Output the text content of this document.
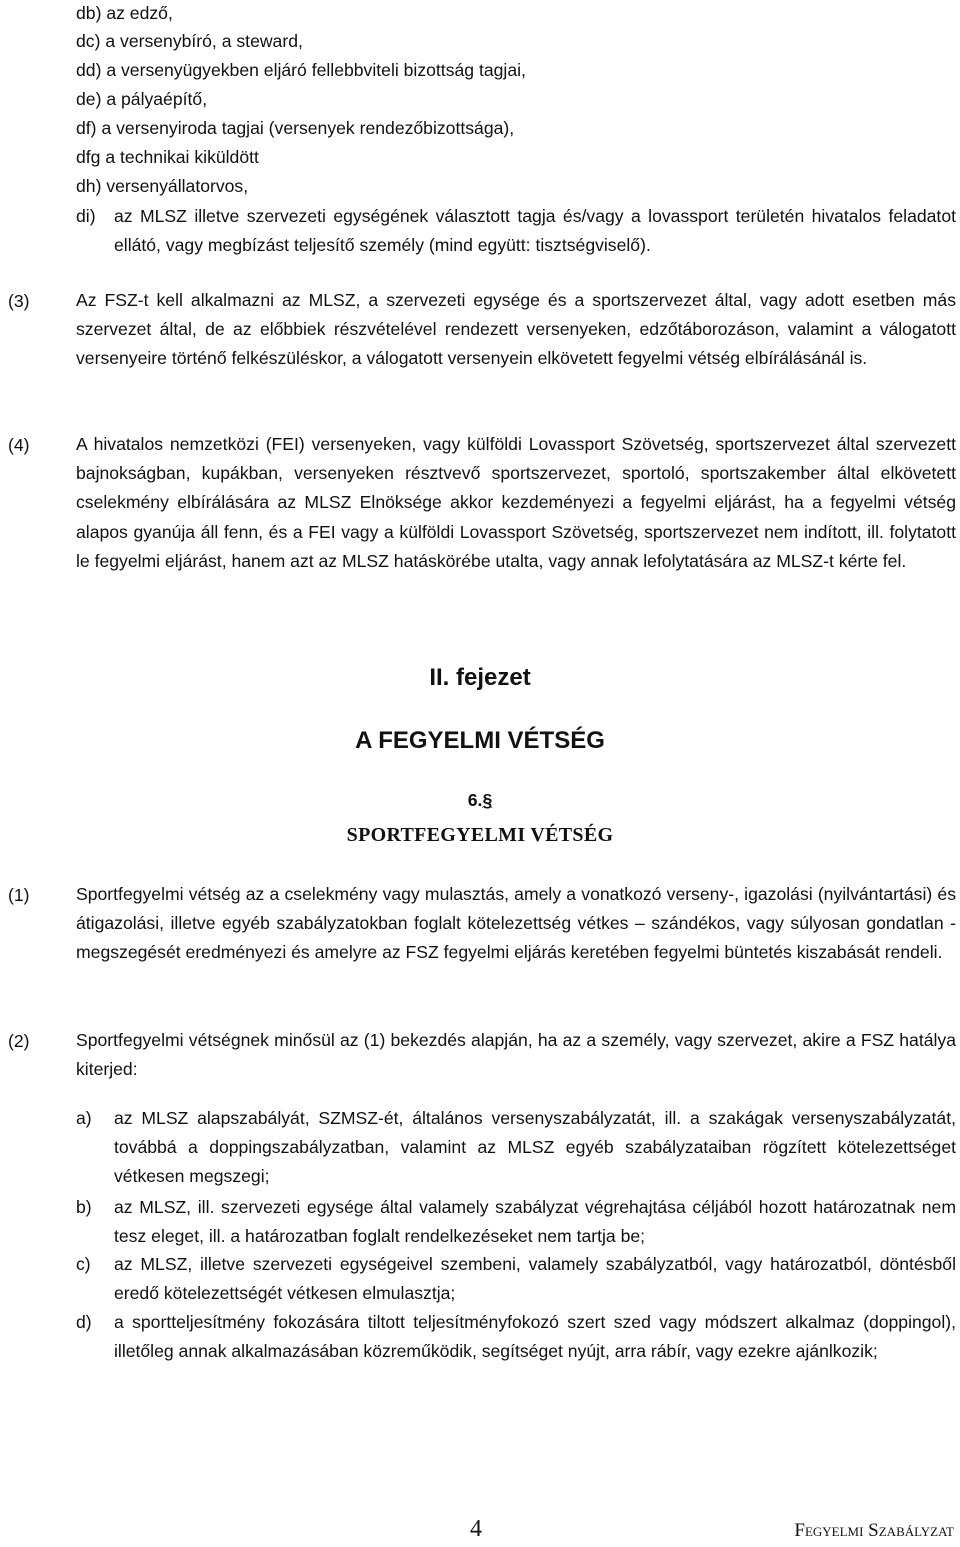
db) az edző,
dc) a versenybíró, a steward,
dd) a versenyügyekben eljáró fellebbviteli bizottság tagjai,
de) a pályaépítő,
df) a versenyiroda tagjai (versenyek rendezőbizottsága),
dfg a technikai kiküldött
dh) versenyállatorvos,
di) az MLSZ illetve szervezeti egységének választott tagja és/vagy a lovassport területén hivatalos feladatot ellátó, vagy megbízást teljesítő személy (mind együtt: tisztségviselő).
(3)	Az FSZ-t kell alkalmazni az MLSZ, a szervezeti egysége és a sportszervezet által, vagy adott esetben más szervezet által, de az előbbiek részvételével rendezett versenyeken, edzőtáborozáson, valamint a válogatott versenyeire történő felkészüléskor, a válogatott versenyein elkövetett fegyelmi vétség elbírálásánál is.
(4)	A hivatalos nemzetközi (FEI) versenyeken, vagy külföldi Lovassport Szövetség, sportszervezet által szervezett bajnokságban, kupákban, versenyeken résztvevő sportszervezet, sportoló, sportszakember által elkövetett cselekmény elbírálására az MLSZ Elnöksége akkor kezdeményezi a fegyelmi eljárást, ha a fegyelmi vétség alapos gyanúja áll fenn, és a FEI vagy a külföldi Lovassport Szövetség, sportszervezet nem indított, ill. folytatott le fegyelmi eljárást, hanem azt az MLSZ hatáskörébe utalta, vagy annak lefolytatására az MLSZ-t kérte fel.
II. fejezet
A FEGYELMI VÉTSÉG
6.§
SPORTFEGYELMI VÉTSÉG
(1)	Sportfegyelmi vétség az a cselekmény vagy mulasztás, amely a vonatkozó verseny-, igazolási (nyilvántartási) és átigazolási, illetve egyéb szabályzatokban foglalt kötelezettség vétkes – szándékos, vagy súlyosan gondatlan - megszegését eredményezi és amelyre az FSZ fegyelmi eljárás keretében fegyelmi büntetés kiszabását rendeli.
(2)	Sportfegyelmi vétségnek minősül az (1) bekezdés alapján, ha az a személy, vagy szervezet, akire a FSZ hatálya kiterjed:
a) az MLSZ alapszabályát, SZMSZ-ét, általános versenyszabályzatát, ill. a szakágak versenyszabályzatát, továbbá a doppingszabályzatban, valamint az MLSZ egyéb szabályzataiban rögzített kötelezettséget vétkesen megszegi;
b) az MLSZ, ill. szervezeti egysége által valamely szabályzat végrehajtása céljából hozott határozatnak nem tesz eleget, ill. a határozatban foglalt rendelkezéseket nem tartja be;
c) az MLSZ, illetve szervezeti egységeivel szembeni, valamely szabályzatból, vagy határozatból, döntésből eredő kötelezettségét vétkesen elmulasztja;
d) a sportteljesítmény fokozására tiltott teljesítményfokozó szert szed vagy módszert alkalmaz (doppingol), illetőleg annak alkalmazásában közreműködik, segítséget nyújt, arra rábír, vagy ezekre ajánlkozik;
4	Fegyelmi Szabályzat
